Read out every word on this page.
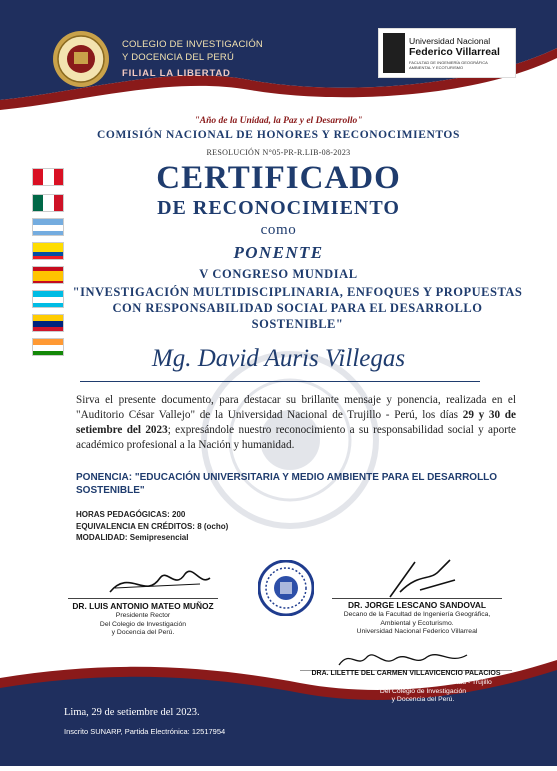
COLEGIO DE INVESTIGACIÓN
Y DOCENCIA DEL PERÚ
FILIAL LA LIBERTAD
Universidad Nacional
Federico Villarreal
FACULTAD DE INGENIERÍA GEOGRÁFICA AMBIENTAL Y ECOTURISMO
"Año de la Unidad, la Paz y el Desarrollo"
COMISIÓN NACIONAL DE HONORES Y RECONOCIMIENTOS
RESOLUCIÓN N°05-PR-R.LIB-08-2023
CERTIFICADO
DE RECONOCIMIENTO
como
PONENTE
V CONGRESO MUNDIAL
"INVESTIGACIÓN MULTIDISCIPLINARIA, ENFOQUES Y PROPUESTAS CON RESPONSABILIDAD SOCIAL PARA EL DESARROLLO SOSTENIBLE"
Mg. David Auris Villegas
Sirva el presente documento, para destacar su brillante mensaje y ponencia, realizada en el "Auditorio César Vallejo" de la Universidad Nacional de Trujillo - Perú, los días 29 y 30 de setiembre del 2023; expresándole nuestro reconocimiento a su responsabilidad social y aporte académico profesional a la Nación y humanidad.
PONENCIA: "EDUCACIÓN UNIVERSITARIA Y MEDIO AMBIENTE PARA EL DESARROLLO SOSTENIBLE"
HORAS PEDAGÓGICAS: 200
EQUIVALENCIA EN CRÉDITOS: 8 (ocho)
MODALIDAD: Semipresencial
DR. LUIS ANTONIO MATEO MUÑOZ
Presidente Rector
Del Colegio de Investigación
y Docencia del Perú.
DR. JORGE LESCANO SANDOVAL
Decano de la Facultad de Ingeniería Geográfica,
Ambiental y Ecoturismo.
Universidad Nacional Federico Villarreal
DRA. LILETTE DEL CARMEN VILLAVICENCIO PALACIOS
Decana dea Filial Región La Libertad - Trujillo
Del Colegio de Investigación
y Docencia del Perú.
Lima, 29 de setiembre del 2023.
Inscrito SUNARP, Partida Electrónica: 12517954
